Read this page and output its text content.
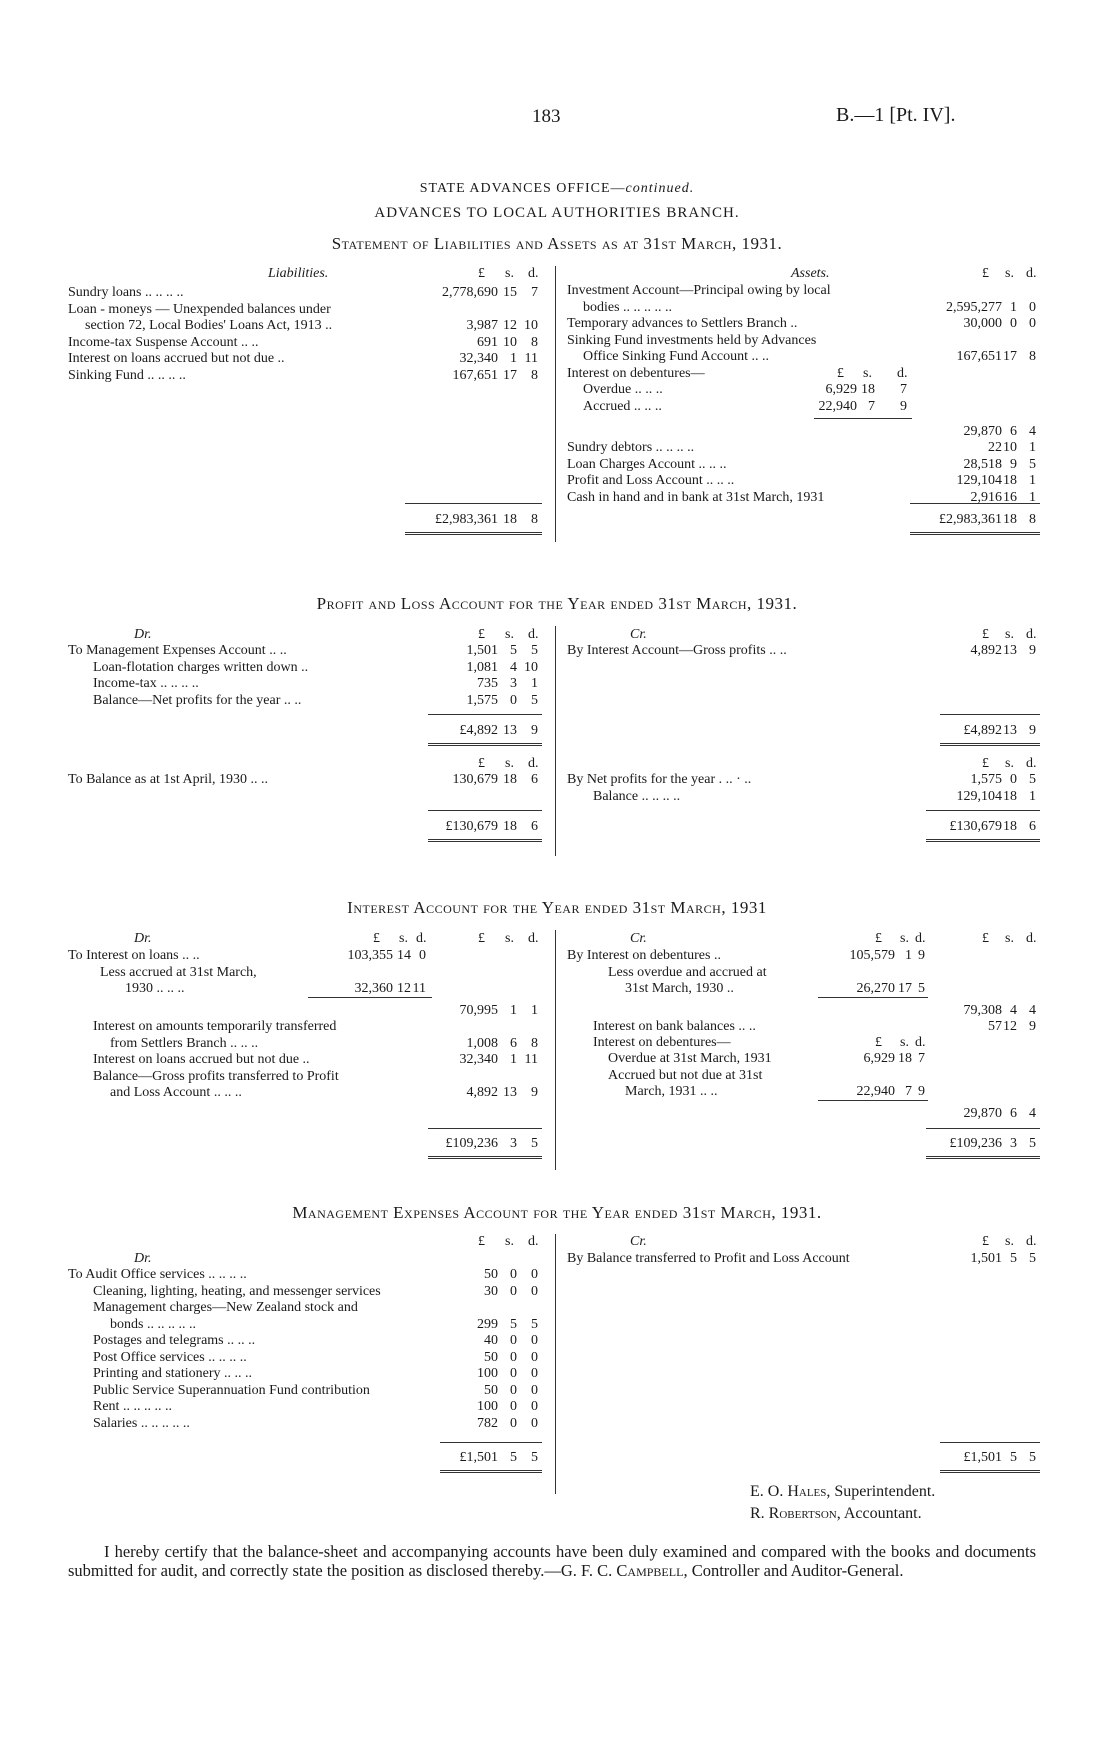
183	B.—1 [Pt. IV].
STATE ADVANCES OFFICE—continued.
ADVANCES TO LOCAL AUTHORITIES BRANCH.
Statement of Liabilities and Assets as at 31st March, 1931.
Liabilities.	£ s. d.	Assets.	£ s. d.
Sundry loans .. .. .. ..	2,778,690 15 7
Loan - moneys — Unexpended balances under
section 72, Local Bodies' Loans Act, 1913 ..	3,987 12 10
Income-tax Suspense Account .. ..	691 10 8
Interest on loans accrued but not due ..	32,340 1 11
Sinking Fund .. .. .. ..	167,651 17 8
Investment Account—Principal owing by local
bodies .. .. .. .. ..	2,595,277 1 0
Temporary advances to Settlers Branch ..	30,000 0 0
Sinking Fund investments held by Advances
Office Sinking Fund Account .. ..	167,651 17 8
Interest on debentures—	£ s. d.
Overdue .. .. ..	6,929 18 7
Accrued .. .. ..	22,940 7 9
29,870 6 4
Sundry debtors .. .. .. ..	22 10 1
Loan Charges Account .. .. ..	28,518 9 5
Profit and Loss Account .. .. ..	129,104 18 1
Cash in hand and in bank at 31st March, 1931	2,916 16 1
£2,983,361 18 8	£2,983,361 18 8
Profit and Loss Account for the Year ended 31st March, 1931.
Dr.	£ s. d.	Cr.	£ s. d.
To Management Expenses Account .. ..	1,501 5 5
Loan-flotation charges written down ..	1,081 4 10
Income-tax .. .. .. ..	735 3 1
Balance—Net profits for the year .. ..	1,575 0 5
By Interest Account—Gross profits .. ..	4,892 13 9
£4,892 13 9	£4,892 13 9
£ s. d.	£ s. d.
To Balance as at 1st April, 1930 .. ..	130,679 18 6 By Net profits for the year . .. · ..	1,575 0 5
Balance .. .. .. ..	129,104 18 1
£130,679 18 6	£130,679 18 6
Interest Account for the Year ended 31st March, 1931
Dr.	£ s. d.	£ s. d.	Cr.	£ s. d.	£ s. d.
To Interest on loans .. ..	103,355 14 0
Less accrued at 31st March,
1930 .. .. ..	32,360 12 11
70,995 1 1
Interest on amounts temporarily transferred
from Settlers Branch .. .. ..	1,008 6 8
Interest on loans accrued but not due ..	32,340 1 11
Balance—Gross profits transferred to Profit
and Loss Account .. .. ..	4,892 13 9
By Interest on debentures ..	105,579 1 9
Less overdue and accrued at
31st March, 1930 ..	26,270 17 5
79,308 4 4
Interest on bank balances .. ..	57 12 9
Interest on debentures—	£ s. d.
Overdue at 31st March, 1931	6,929 18 7
Accrued but not due at 31st
March, 1931 .. ..	22,940 7 9
29,870 6 4
£109,236 3 5	£109,236 3 5
Management Expenses Account for the Year ended 31st March, 1931.
Cr.
£ s. d.	£ s. d.
Dr.
To Audit Office services .. .. .. ..	50 0 0
Cleaning, lighting, heating, and messenger services	30 0 0
Management charges—New Zealand stock and
bonds .. .. .. .. ..	299 5 5
Postages and telegrams .. .. ..	40 0 0
Post Office services .. .. .. ..	50 0 0
Printing and stationery .. .. ..	100 0 0
Public Service Superannuation Fund contribution	50 0 0
Rent .. .. .. .. ..	100 0 0
Salaries .. .. .. .. ..	782 0 0
By Balance transferred to Profit and Loss Account	1,501 5 5
£1,501 5 5	£1,501 5 5
E. O. Hales, Superintendent.
R. Robertson, Accountant.
I hereby certify that the balance-sheet and accompanying accounts have been duly examined and compared with the books and documents submitted for audit, and correctly state the position as disclosed thereby.—G. F. C. Campbell, Controller and Auditor-General.
